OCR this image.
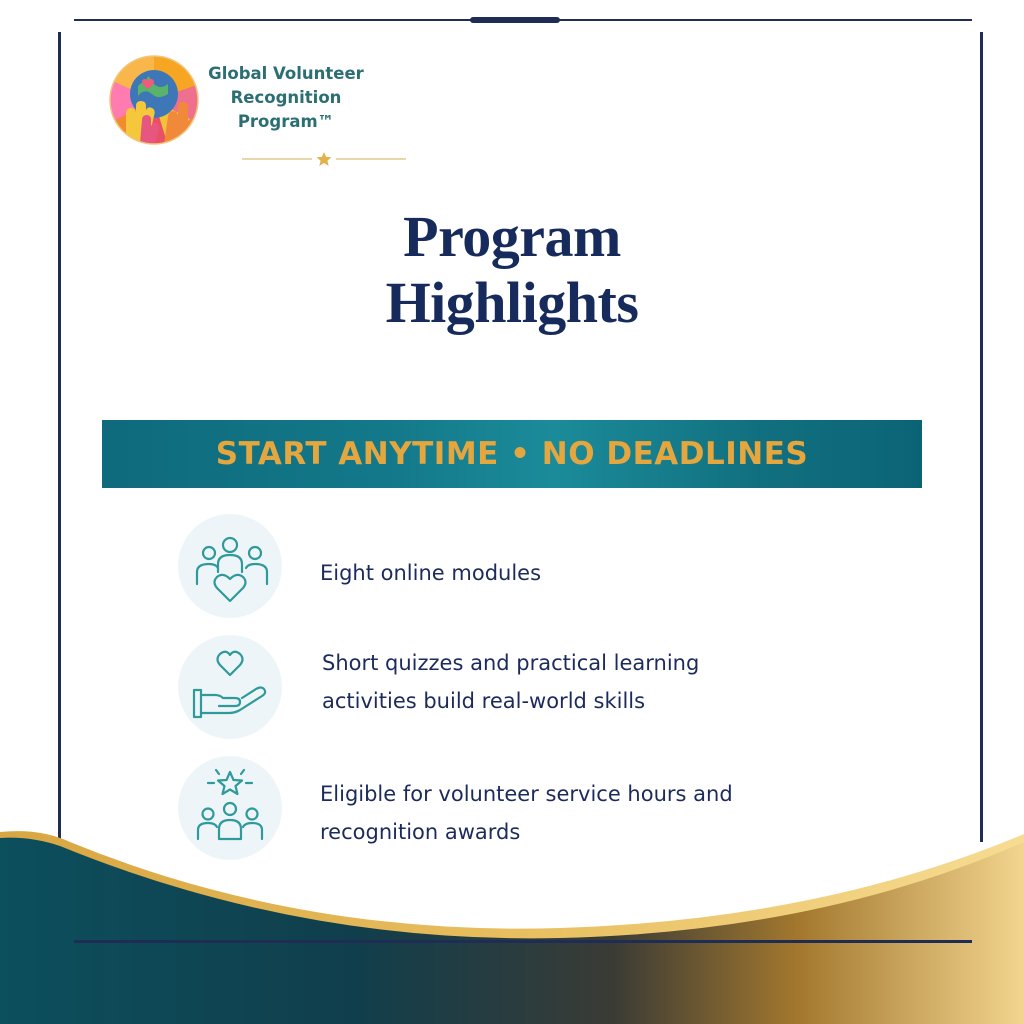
Global Volunteer
Recognition
Program™
Program
Highlights
START ANYTIME • NO DEADLINES
Eight online modules
Short quizzes and practical learning
activities build real-world skills
Eligible for volunteer service hours and
recognition awards
